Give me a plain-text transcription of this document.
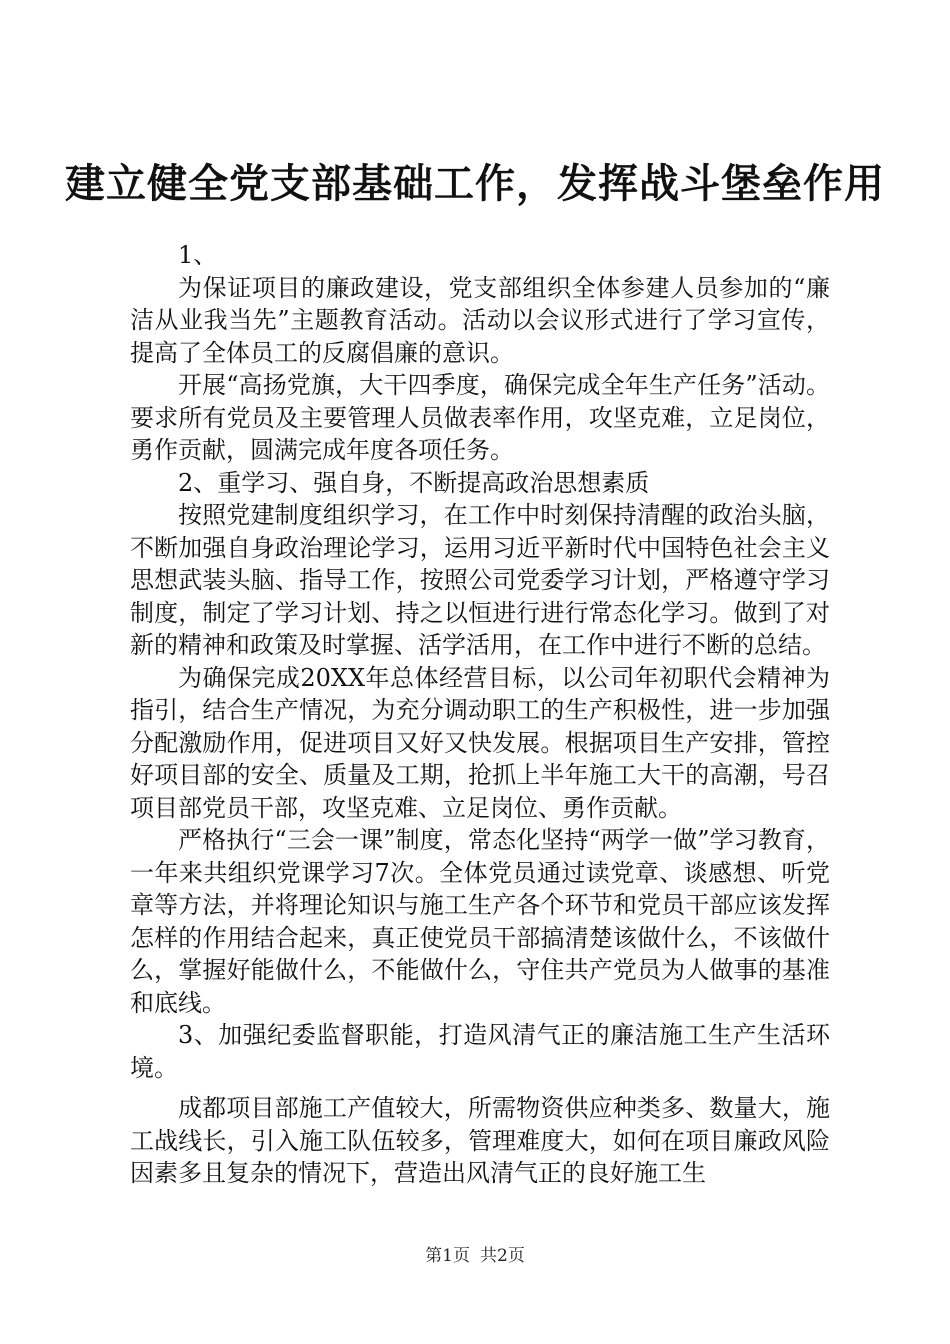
建立健全党支部基础工作，发挥战斗堡垒作用

1、

为保证项目的廉政建设，党支部组织全体参建人员参加的“廉洁从业我当先”主题教育活动。活动以会议形式进行了学习宣传，提高了全体员工的反腐倡廉的意识。

开展“高扬党旗，大干四季度，确保完成全年生产任务”活动。要求所有党员及主要管理人员做表率作用，攻坚克难，立足岗位，勇作贡献，圆满完成年度各项任务。

2、重学习、强自身，不断提高政治思想素质

按照党建制度组织学习，在工作中时刻保持清醒的政治头脑，不断加强自身政治理论学习，运用习近平新时代中国特色社会主义思想武装头脑、指导工作，按照公司党委学习计划，严格遵守学习制度，制定了学习计划、持之以恒进行进行常态化学习。做到了对新的精神和政策及时掌握、活学活用，在工作中进行不断的总结。

为确保完成20XX年总体经营目标，以公司年初职代会精神为指引，结合生产情况，为充分调动职工的生产积极性，进一步加强分配激励作用，促进项目又好又快发展。根据项目生产安排，管控好项目部的安全、质量及工期，抢抓上半年施工大干的高潮，号召项目部党员干部，攻坚克难、立足岗位、勇作贡献。

严格执行“三会一课”制度，常态化坚持“两学一做”学习教育，一年来共组织党课学习7次。全体党员通过读党章、谈感想、听党章等方法，并将理论知识与施工生产各个环节和党员干部应该发挥怎样的作用结合起来，真正使党员干部搞清楚该做什么，不该做什么，掌握好能做什么，不能做什么，守住共产党员为人做事的基准和底线。

3、加强纪委监督职能，打造风清气正的廉洁施工生产生活环境。

成都项目部施工产值较大，所需物资供应种类多、数量大，施工战线长，引入施工队伍较多，管理难度大，如何在项目廉政风险因素多且复杂的情况下，营造出风清气正的良好施工生

第1页 共2页
